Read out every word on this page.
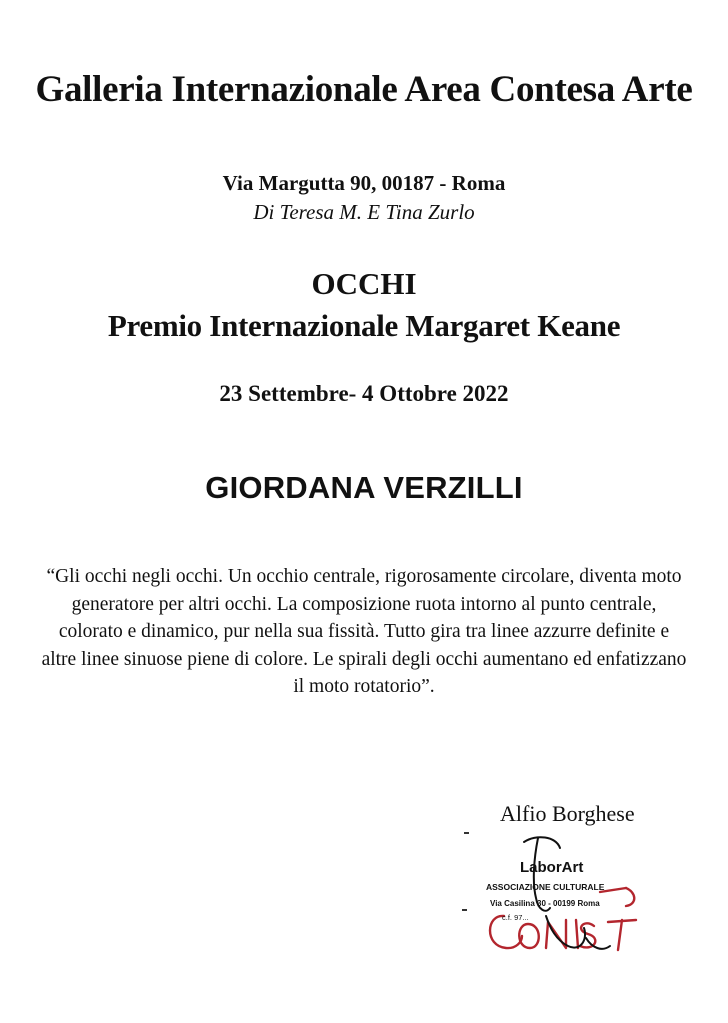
Galleria Internazionale Area Contesa Arte

Via Margutta 90, 00187 - Roma

Di Teresa M. E Tina Zurlo

OCCHI
Premio Internazionale Margaret Keane

23 Settembre- 4 Ottobre 2022

GIORDANA VERZILLI

“Gli occhi negli occhi. Un occhio centrale, rigorosamente circolare, diventa moto generatore per altri occhi. La composizione ruota intorno al punto centrale, colorato e dinamico, pur nella sua fissità. Tutto gira tra linee azzurre definite e altre linee sinuose piene di colore. Le spirali degli occhi aumentano ed enfatizzano il moto rotatorio”.

Alfio Borghese

LaborArt
ASSOCIAZIONE CULTURALE
Via Casilina 30 - 00199 Roma
c.f. 97...
